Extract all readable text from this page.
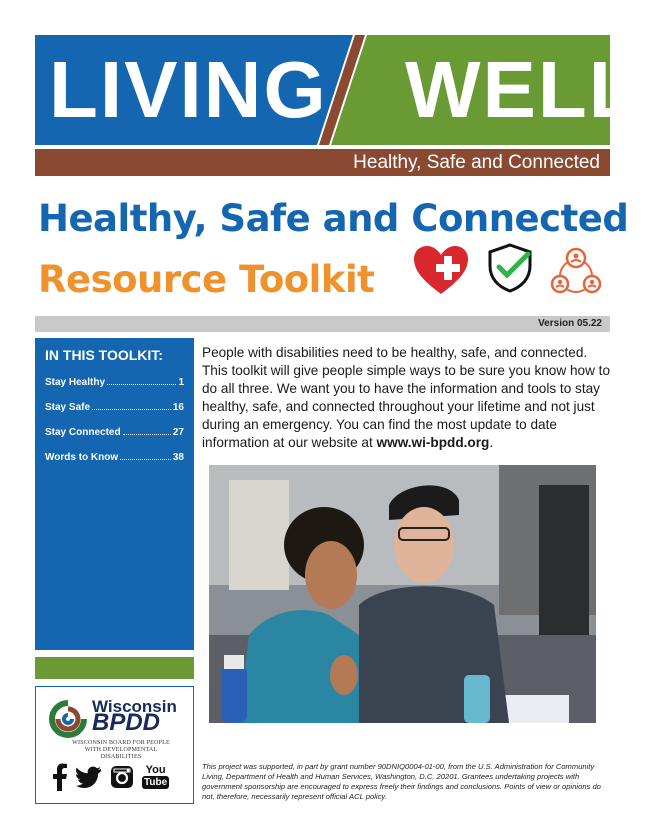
LIVING WELL
Healthy, Safe and Connected
Healthy, Safe and Connected
Resource Toolkit
Version 05.22
IN THIS TOOLKIT:
Stay Healthy	1
Stay Safe	16
Stay Connected	27
Words to Know	38
Wisconsin
BPDD
WISCONSIN BOARD FOR PEOPLE WITH DEVELOPMENTAL DISABILITIES
You
Tube

People with disabilities need to be healthy, safe, and connected. This toolkit will give people simple ways to be sure you know how to do all three. We want you to have the information and tools to stay healthy, safe, and connected throughout your lifetime and not just during an emergency. You can find the most update to date information at our website at www.wi-bpdd.org.

This project was supported, in part by grant number 90DNIQ0004-01-00, from the U.S. Administration for Community Living, Department of Health and Human Services, Washington, D.C. 20201. Grantees undertaking projects with government sponsorship are encouraged to express freely their findings and conclusions. Points of view or opinions do not, therefore, necessarily represent official ACL policy.
